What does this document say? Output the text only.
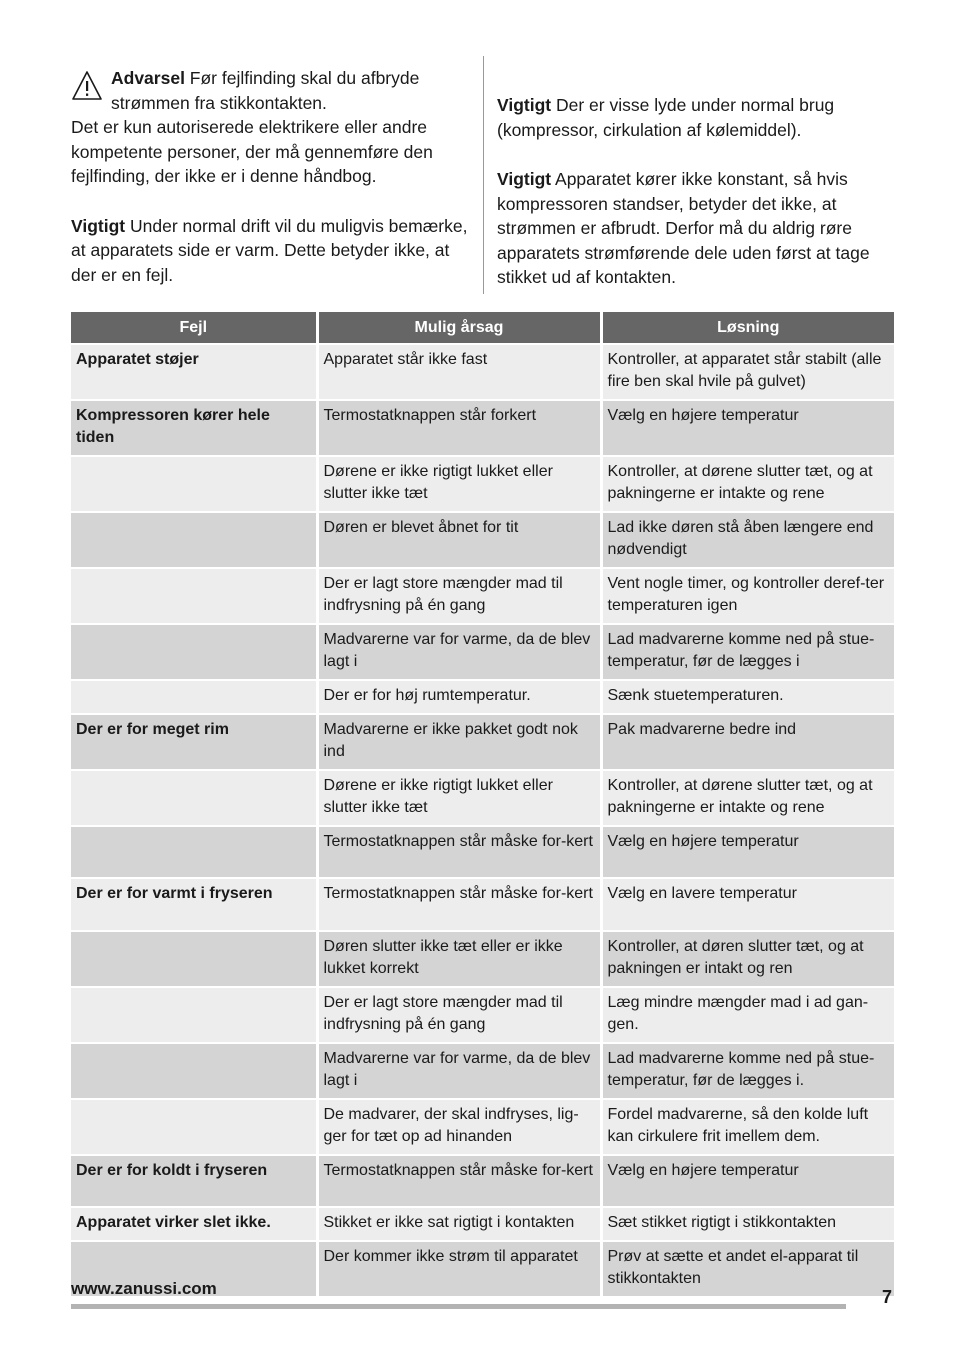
Advarsel Før fejlfinding skal du afbryde strømmen fra stikkontakten.

Det er kun autoriserede elektrikere eller andre kompetente personer, der må gennemføre den fejlfinding, der ikke er i denne håndbog.

Vigtigt Under normal drift vil du muligvis bemærke, at apparatets side er varm. Dette betyder ikke, at der er en fejl.

Vigtigt Der er visse lyde under normal brug (kompressor, cirkulation af kølemiddel).

Vigtigt Apparatet kører ikke konstant, så hvis kompressoren standser, betyder det ikke, at strømmen er afbrudt. Derfor må du aldrig røre apparatets strømførende dele uden først at tage stikket ud af kontakten.

Fejl	Mulig årsag	Løsning
Apparatet støjer	Apparatet står ikke fast	Kontroller, at apparatet står stabilt (alle fire ben skal hvile på gulvet)
Kompressoren kører hele tiden	Termostatknappen står forkert	Vælg en højere temperatur
	Dørene er ikke rigtigt lukket eller slutter ikke tæt	Kontroller, at dørene slutter tæt, og at pakningerne er intakte og rene
	Døren er blevet åbnet for tit	Lad ikke døren stå åben længere end nødvendigt
	Der er lagt store mængder mad til indfrysning på én gang	Vent nogle timer, og kontroller deref-ter temperaturen igen
	Madvarerne var for varme, da de blev lagt i	Lad madvarerne komme ned på stue-temperatur, før de lægges i
	Der er for høj rumtemperatur.	Sænk stuetemperaturen.
Der er for meget rim	Madvarerne er ikke pakket godt nok ind	Pak madvarerne bedre ind
	Dørene er ikke rigtigt lukket eller slutter ikke tæt	Kontroller, at dørene slutter tæt, og at pakningerne er intakte og rene
	Termostatknappen står måske for-kert	Vælg en højere temperatur
Der er for varmt i fryseren	Termostatknappen står måske for-kert	Vælg en lavere temperatur
	Døren slutter ikke tæt eller er ikke lukket korrekt	Kontroller, at døren slutter tæt, og at pakningen er intakt og ren
	Der er lagt store mængder mad til indfrysning på én gang	Læg mindre mængder mad i ad gan-gen.
	Madvarerne var for varme, da de blev lagt i	Lad madvarerne komme ned på stue-temperatur, før de lægges i.
	De madvarer, der skal indfryses, lig-ger for tæt op ad hinanden	Fordel madvarerne, så den kolde luft kan cirkulere frit imellem dem.
Der er for koldt i fryseren	Termostatknappen står måske for-kert	Vælg en højere temperatur
Apparatet virker slet ikke.	Stikket er ikke sat rigtigt i kontakten	Sæt stikket rigtigt i stikkontakten
	Der kommer ikke strøm til apparatet	Prøv at sætte et andet el-apparat til stikkontakten
www.zanussi.com	7
